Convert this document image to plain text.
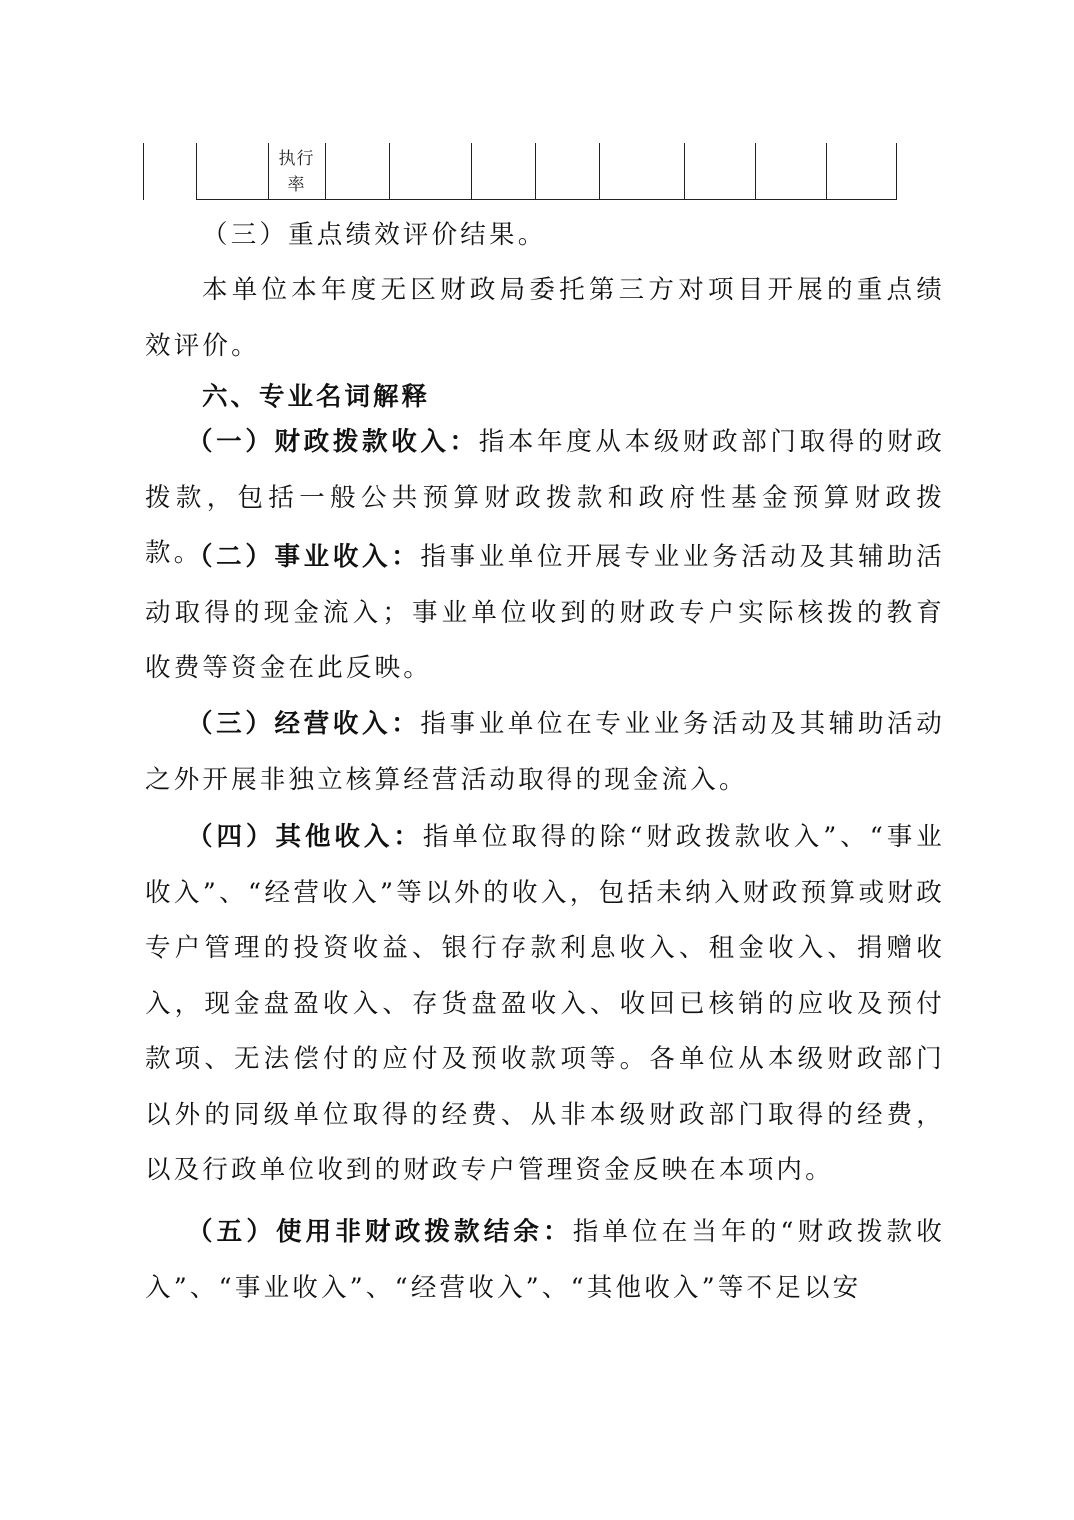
执行率

（三）重点绩效评价结果。

本单位本年度无区财政局委托第三方对项目开展的重点绩效评价。

六、专业名词解释

（一）财政拨款收入：指本年度从本级财政部门取得的财政拨款，包括一般公共预算财政拨款和政府性基金预算财政拨款。

（二）事业收入：指事业单位开展专业业务活动及其辅助活动取得的现金流入；事业单位收到的财政专户实际核拨的教育收费等资金在此反映。

（三）经营收入：指事业单位在专业业务活动及其辅助活动之外开展非独立核算经营活动取得的现金流入。

（四）其他收入：指单位取得的除“财政拨款收入”、“事业收入”、“经营收入”等以外的收入，包括未纳入财政预算或财政专户管理的投资收益、银行存款利息收入、租金收入、捐赠收入，现金盘盈收入、存货盘盈收入、收回已核销的应收及预付款项、无法偿付的应付及预收款项等。各单位从本级财政部门以外的同级单位取得的经费、从非本级财政部门取得的经费，以及行政单位收到的财政专户管理资金反映在本项内。

（五）使用非财政拨款结余：指单位在当年的“财政拨款收入”、“事业收入”、“经营收入”、“其他收入”等不足以安
